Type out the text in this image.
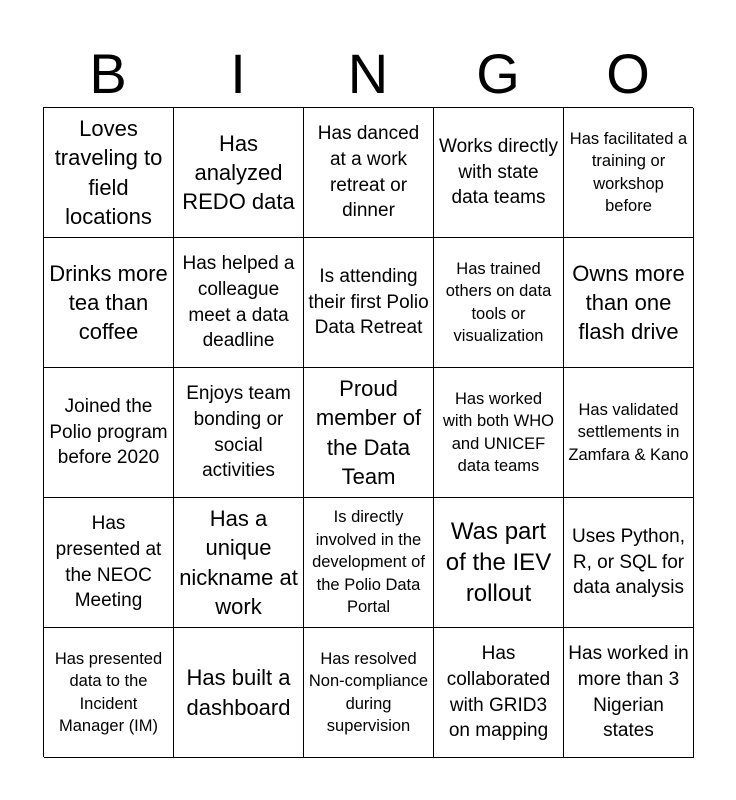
B	I	N	G	O
Loves traveling to field locations
Has analyzed REDO data
Has danced at a work retreat or dinner
Works directly with state data teams
Has facilitated a training or workshop before
Drinks more tea than coffee
Has helped a colleague meet a data deadline
Is attending their first Polio Data Retreat
Has trained others on data tools or visualization
Owns more than one flash drive
Joined the Polio program before 2020
Enjoys team bonding or social activities
Proud member of the Data Team
Has worked with both WHO and UNICEF data teams
Has validated settlements in Zamfara & Kano
Has presented at the NEOC Meeting
Has a unique nickname at work
Is directly involved in the development of the Polio Data Portal
Was part of the IEV rollout
Uses Python, R, or SQL for data analysis
Has presented data to the Incident Manager (IM)
Has built a dashboard
Has resolved Non-compliance during supervision
Has collaborated with GRID3 on mapping
Has worked in more than 3 Nigerian states
